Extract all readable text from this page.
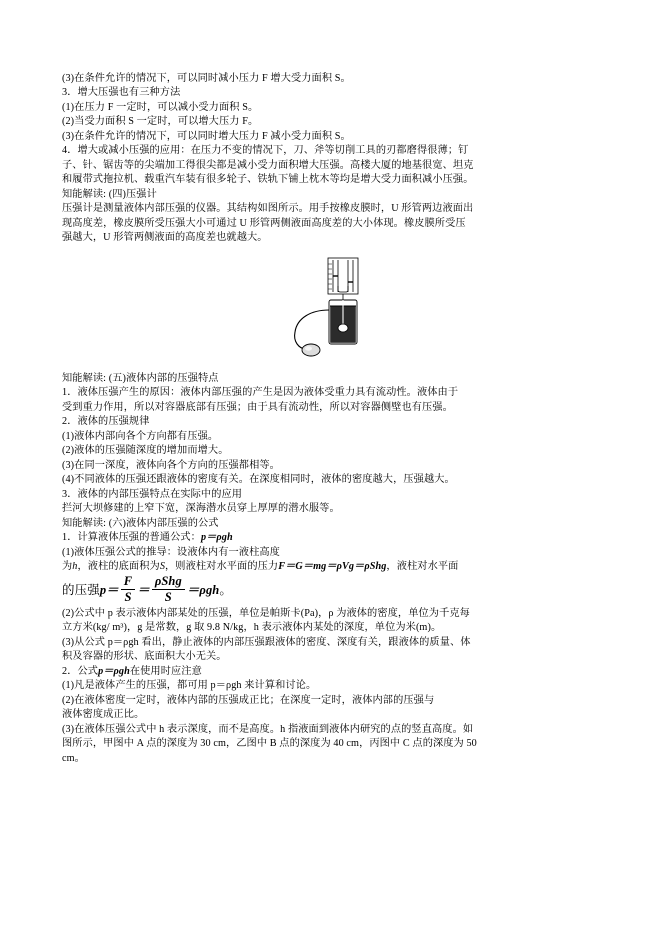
(3)在条件允许的情况下，可以同时减小压力 F 增大受力面积 S。

3．增大压强也有三种方法

(1)在压力 F 一定时，可以减小受力面积 S。

(2)当受力面积 S 一定时，可以增大压力 F。

(3)在条件允许的情况下，可以同时增大压力 F 减小受力面积 S。

4．增大或减小压强的应用：在压力不变的情况下，刀、斧等切削工具的刃都磨得很薄；钉

子、针、锯齿等的尖端加工得很尖都是减小受力面积增大压强。高楼大厦的地基很宽、坦克

和履带式拖拉机、载重汽车装有很多轮子、铁轨下铺上枕木等均是增大受力面积减小压强。

知能解读: (四)压强计

压强计是测量液体内部压强的仪器。其结构如图所示。用手按橡皮膜时，U 形管两边液面出

现高度差，橡皮膜所受压强大小可通过 U 形管两侧液面高度差的大小体现。橡皮膜所受压

强越大，U 形管两侧液面的高度差也就越大。

知能解读: (五)液体内部的压强特点

1．液体压强产生的原因：液体内部压强的产生是因为液体受重力具有流动性。液体由于

受到重力作用，所以对容器底部有压强；由于具有流动性，所以对容器侧壁也有压强。

2．液体的压强规律

(1)液体内部向各个方向都有压强。

(2)液体的压强随深度的增加而增大。

(3)在同一深度，液体向各个方向的压强都相等。

(4)不同液体的压强还跟液体的密度有关。在深度相同时，液体的密度越大，压强越大。

3．液体的内部压强特点在实际中的应用

拦河大坝修建的上窄下宽，深海潜水员穿上厚厚的潜水服等。

知能解读: (六)液体内部压强的公式

1．计算液体压强的普通公式：p＝ρgh

(1)液体压强公式的推导：设液体内有一液柱高度

为h，液柱的底面积为S，则液柱对水平面的压力F＝G＝mg＝ρVg＝ρShg，液柱对水平面

的压强$p= \frac{F}{S} = \frac{\text{ρShg}}{S} =\rho gh$。

(2)公式中 p 表示液体内部某处的压强，单位是帕斯卡(Pa)，ρ 为液体的密度，单位为千克每

立方米(kg/ m³)，g 是常数，g 取 9.8 N/kg，h 表示液体内某处的深度，单位为米(m)。

(3)从公式 p＝ρgh 看出，静止液体的内部压强跟液体的密度、深度有关，跟液体的质量、体

积及容器的形状、底面积大小无关。

2．公式p＝ρgh在使用时应注意

(1)凡是液体产生的压强，都可用 p＝ρgh 来计算和讨论。

(2)在液体密度一定时，液体内部的压强成正比；在深度一定时，液体内部的压强与

液体密度成正比。

(3)在液体压强公式中 h 表示深度，而不是高度。h 指液面到液体内研究的点的竖直高度。如

图所示，甲图中 A 点的深度为 30 cm，乙图中 B 点的深度为 40 cm，丙图中 C 点的深度为 50

cm。
